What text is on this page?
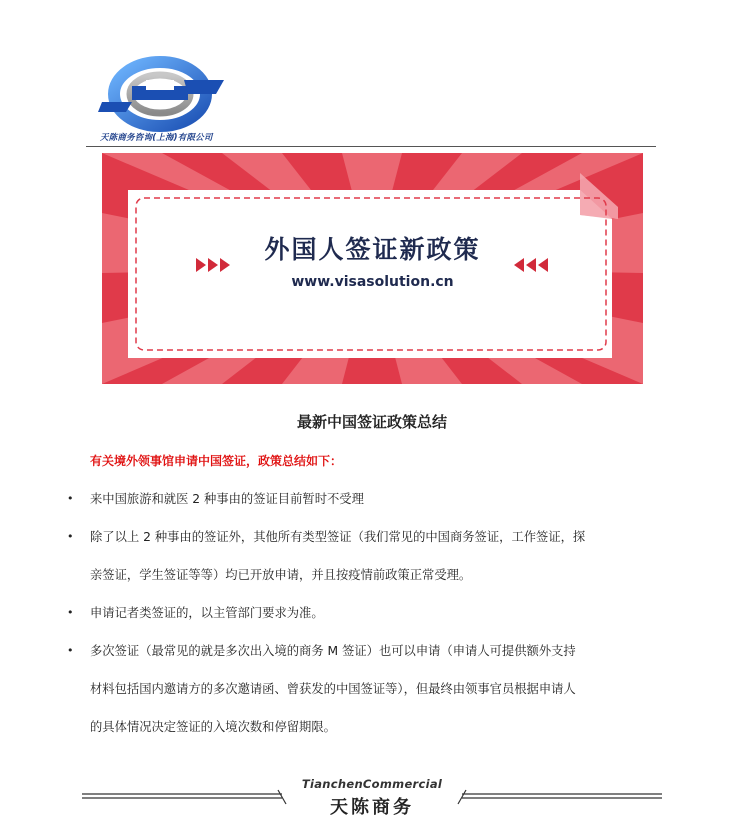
天陈商务咨询(上海)有限公司
外国人签证新政策
www.visasolution.cn
最新中国签证政策总结
有关境外领事馆申请中国签证，政策总结如下：
• 来中国旅游和就医 2 种事由的签证目前暂时不受理
• 除了以上 2 种事由的签证外，其他所有类型签证（我们常见的中国商务签证，工作签证，探
亲签证，学生签证等等）均已开放申请，并且按疫情前政策正常受理。
• 申请记者类签证的，以主管部门要求为准。
• 多次签证（最常见的就是多次出入境的商务 M 签证）也可以申请（申请人可提供额外支持
材料包括国内邀请方的多次邀请函、曾获发的中国签证等），但最终由领事官员根据申请人
的具体情况决定签证的入境次数和停留期限。
TianchenCommercial
天陈商务
